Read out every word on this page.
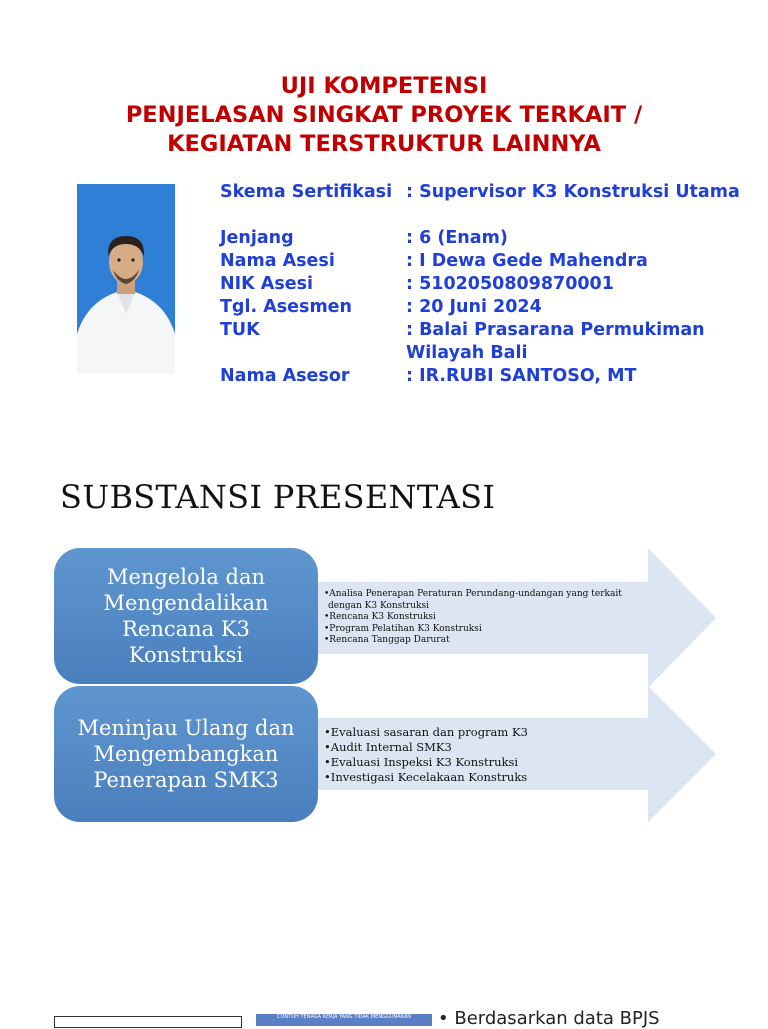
UJI KOMPETENSI
PENJELASAN SINGKAT PROYEK TERKAIT /
KEGIATAN TERSTRUKTUR LAINNYA
Skema Sertifikasi : Supervisor K3 Konstruksi Utama
Jenjang	: 6 (Enam)
Nama Asesi	: I Dewa Gede Mahendra
NIK Asesi	: 5102050809870001
Tgl. Asesmen	: 20 Juni 2024
TUK	: Balai Prasarana Permukiman
Wilayah Bali
Nama Asesor	: IR.RUBI SANTOSO, MT
SUBSTANSI PRESENTASI
Mengelola dan
Mengendalikan
Rencana K3
Konstruksi
Meninjau Ulang dan
Mengembangkan
Penerapan SMK3
•Analisa Penerapan Peraturan Perundang-undangan yang terkait
dengan K3 Konstruksi
•Rencana K3 Konstruksi
•Program Pelatihan K3 Konstruksi
•Rencana Tanggap Darurat
•Evaluasi sasaran dan program K3
•Audit Internal SMK3
•Evaluasi Inspeksi K3 Konstruksi
•Investigasi Kecelakaan Konstruks
CONTOH TENAGA KERJA YANG TIDAK MENGGUNAKAN	• Berdasarkan data BPJS
